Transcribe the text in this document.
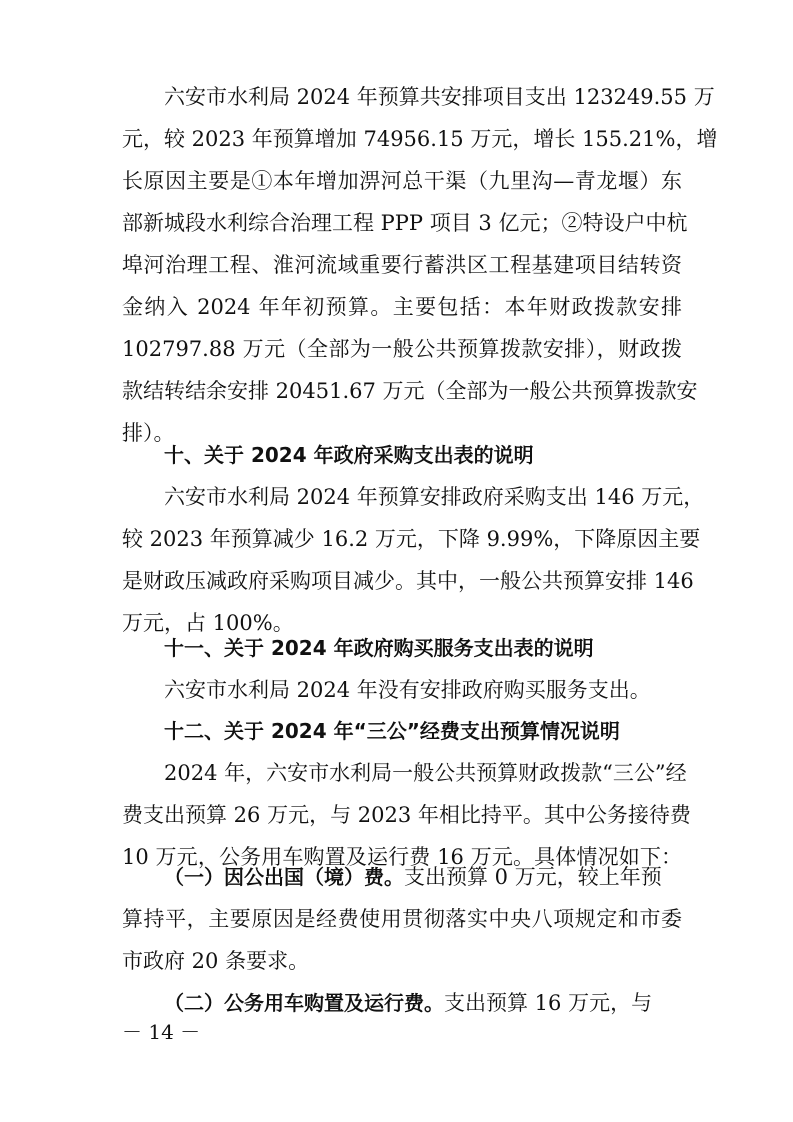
六安市水利局 2024 年预算共安排项目支出 123249.55 万
元，较 2023 年预算增加 74956.15 万元，增长 155.21%，增
长原因主要是①本年增加淠河总干渠（九里沟—青龙堰）东
部新城段水利综合治理工程 PPP 项目 3 亿元；②特设户中杭
埠河治理工程、淮河流域重要行蓄洪区工程基建项目结转资
金纳入 2024 年年初预算。主要包括：本年财政拨款安排
102797.88 万元（全部为一般公共预算拨款安排），财政拨
款结转结余安排 20451.67 万元（全部为一般公共预算拨款安
排）。
十、关于 2024 年政府采购支出表的说明
六安市水利局 2024 年预算安排政府采购支出 146 万元，
较 2023 年预算减少 16.2 万元，下降 9.99%，下降原因主要
是财政压减政府采购项目减少。其中，一般公共预算安排 146
万元，占 100%。
十一、关于 2024 年政府购买服务支出表的说明
六安市水利局 2024 年没有安排政府购买服务支出。
十二、关于 2024 年“三公”经费支出预算情况说明
2024 年，六安市水利局一般公共预算财政拨款“三公”经
费支出预算 26 万元，与 2023 年相比持平。其中公务接待费
10 万元，公务用车购置及运行费 16 万元。具体情况如下：
（一）因公出国（境）费。支出预算 0 万元，较上年预
算持平，主要原因是经费使用贯彻落实中央八项规定和市委
市政府 20 条要求。
（二）公务用车购置及运行费。支出预算 16 万元，与
－ 14 －
